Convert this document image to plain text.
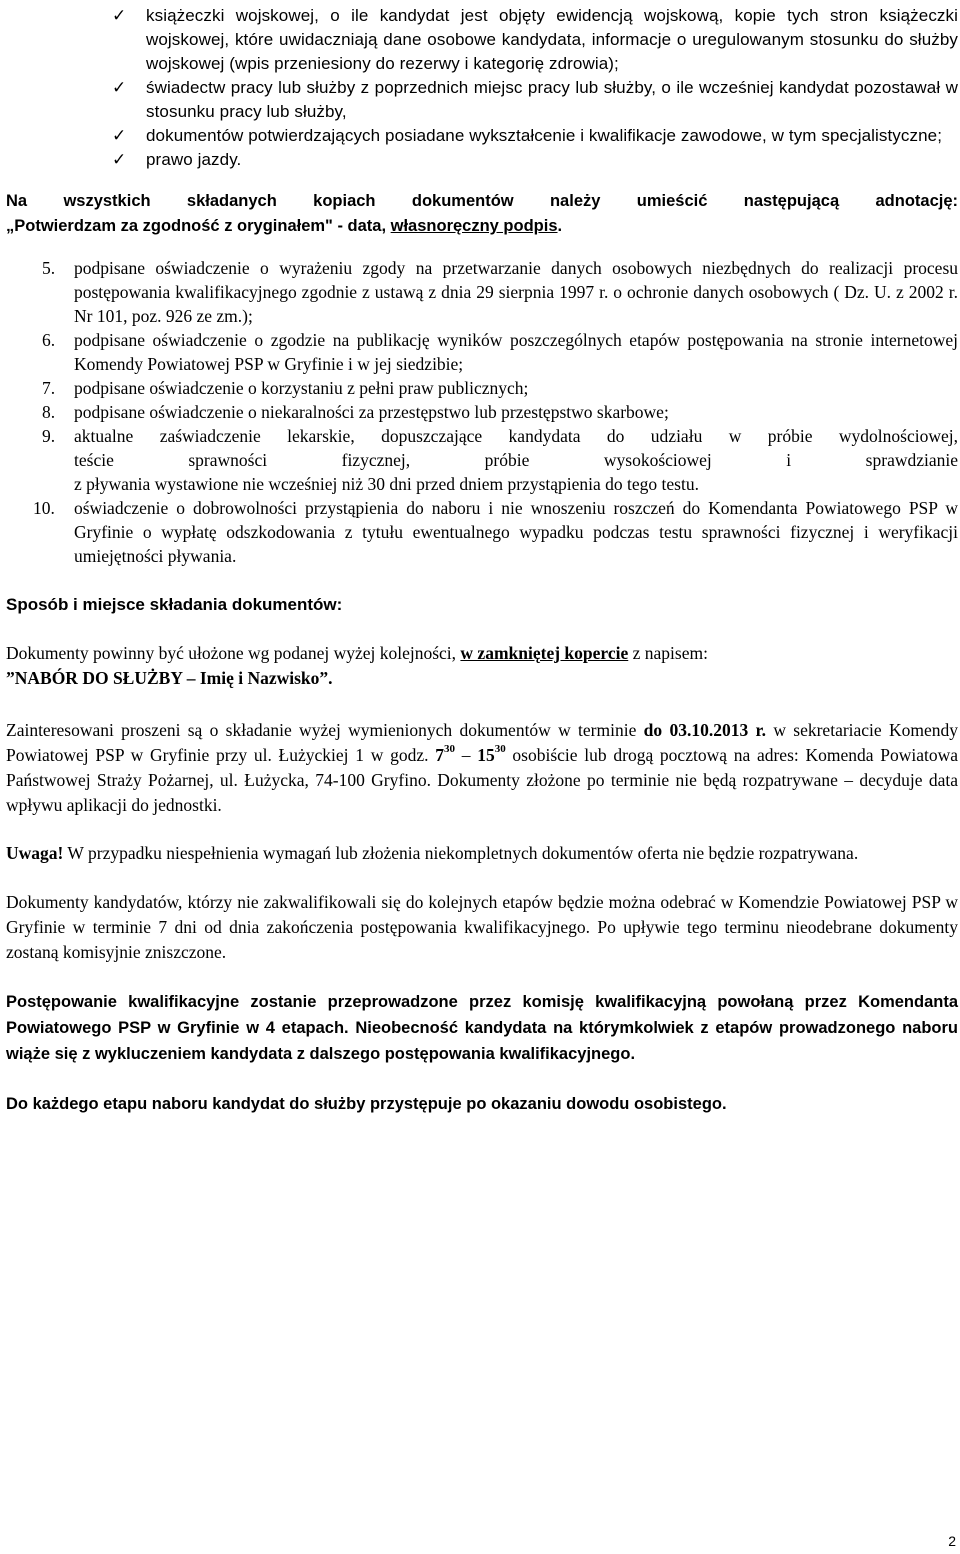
✓ książeczki wojskowej, o ile kandydat jest objęty ewidencją wojskową, kopie tych stron książeczki wojskowej, które uwidaczniają dane osobowe kandydata, informacje o uregulowanym stosunku do służby wojskowej (wpis przeniesiony do rezerwy i kategorię zdrowia);
✓ świadectw pracy lub służby z poprzednich miejsc pracy lub służby, o ile wcześniej kandydat pozostawał w stosunku pracy lub służby,
✓ dokumentów potwierdzających posiadane wykształcenie i kwalifikacje zawodowe, w tym specjalistyczne;
✓ prawo jazdy.
Na wszystkich składanych kopiach dokumentów należy umieścić następującą adnotację:
„Potwierdzam za zgodność z oryginałem" - data, własnoręczny podpis.
5. podpisane oświadczenie o wyrażeniu zgody na przetwarzanie danych osobowych niezbędnych do realizacji procesu postępowania kwalifikacyjnego zgodnie z ustawą z dnia 29 sierpnia 1997 r. o ochronie danych osobowych ( Dz. U. z 2002 r. Nr 101, poz. 926 ze zm.);
6. podpisane oświadczenie o zgodzie na publikację wyników poszczególnych etapów postępowania na stronie internetowej Komendy Powiatowej PSP w Gryfinie i w jej siedzibie;
7. podpisane oświadczenie o korzystaniu z pełni praw publicznych;
8. podpisane oświadczenie o niekaralności za przestępstwo lub przestępstwo skarbowe;
9. aktualne zaświadczenie lekarskie, dopuszczające kandydata do udziału w próbie wydolnościowej,
teście sprawności fizycznej, próbie wysokościowej i sprawdzianie
z pływania wystawione nie wcześniej niż 30 dni przed dniem przystąpienia do tego testu.
10. oświadczenie o dobrowolności przystąpienia do naboru i nie wnoszeniu roszczeń do Komendanta Powiatowego PSP w Gryfinie o wypłatę odszkodowania z tytułu ewentualnego wypadku podczas testu sprawności fizycznej i weryfikacji umiejętności pływania.
Sposób i miejsce składania dokumentów:

Dokumenty powinny być ułożone wg podanej wyżej kolejności, w zamkniętej kopercie z napisem:
”NABÓR DO SŁUŻBY – Imię i Nazwisko”.

Zainteresowani proszeni są o składanie wyżej wymienionych dokumentów w terminie do 03.10.2013 r. w sekretariacie Komendy Powiatowej PSP w Gryfinie przy ul. Łużyckiej 1 w godz. $7^{30} - 15^{30}$ osobiście lub drogą pocztową na adres: Komenda Powiatowa Państwowej Straży Pożarnej, ul. Łużycka, 74-100 Gryfino. Dokumenty złożone po terminie nie będą rozpatrywane – decyduje data wpływu aplikacji do jednostki.

Uwaga! W przypadku niespełnienia wymagań lub złożenia niekompletnych dokumentów oferta nie będzie rozpatrywana.

Dokumenty kandydatów, którzy nie zakwalifikowali się do kolejnych etapów będzie można odebrać w Komendzie Powiatowej PSP w Gryfinie w terminie 7 dni od dnia zakończenia postępowania kwalifikacyjnego. Po upływie tego terminu nieodebrane dokumenty zostaną komisyjnie zniszczone.

Postępowanie kwalifikacyjne zostanie przeprowadzone przez komisję kwalifikacyjną powołaną przez Komendanta Powiatowego PSP w Gryfinie w 4 etapach. Nieobecność kandydata na którymkolwiek z etapów prowadzonego naboru wiąże się z wykluczeniem kandydata z dalszego postępowania kwalifikacyjnego.

Do każdego etapu naboru kandydat do służby przystępuje po okazaniu dowodu osobistego.

2
